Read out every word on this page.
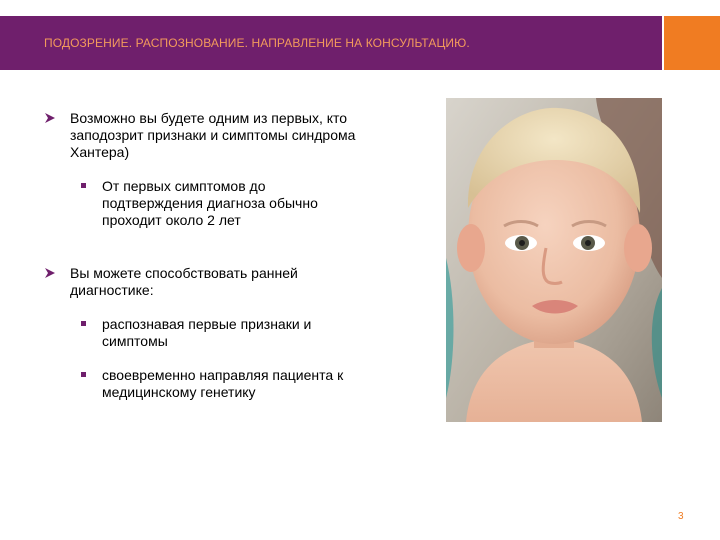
ПОДОЗРЕНИЕ. РАСПОЗНОВАНИЕ. НАПРАВЛЕНИЕ НА КОНСУЛЬТАЦИЮ.
Возможно вы будете одним из первых, кто заподозрит признаки и симптомы синдрома Хантера)
От первых симптомов до подтверждения диагноза обычно проходит около 2 лет
Вы можете способствовать ранней диагностике:
распознавая первые признаки и симптомы
своевременно направляя пациента к медицинскому генетику
3
